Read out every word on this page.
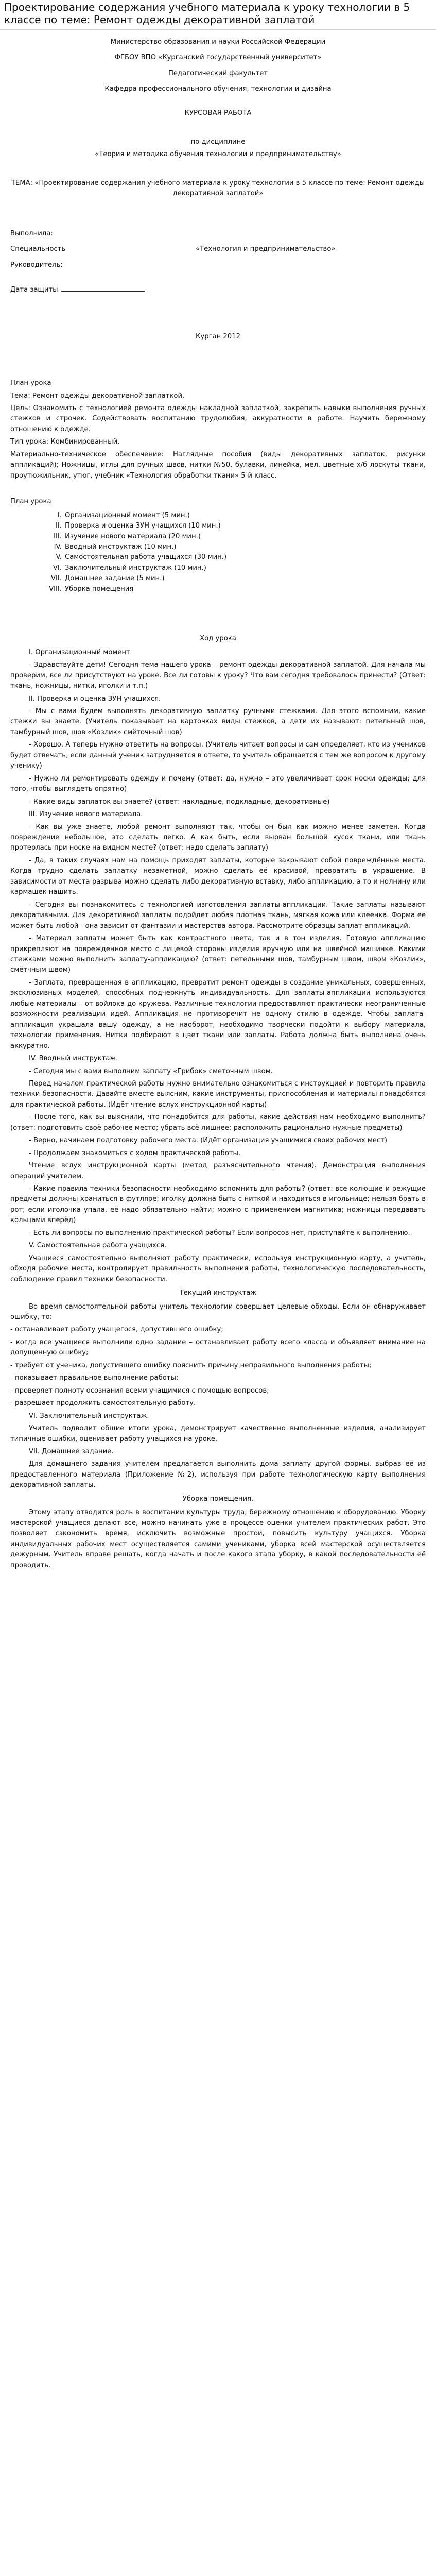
Проектирование содержания учебного материала к уроку технологии в 5 классе по теме: Ремонт одежды декоративной заплатой

Министерство образования и науки Российской Федерации

ФГБОУ ВПО «Курганский государственный университет»

Педагогический факультет

Кафедра профессионального обучения, технологии и дизайна

КУРСОВАЯ РАБОТА

по дисциплине

«Теория и методика обучения технологии и предпринимательству»

ТЕМА: «Проектирование содержания учебного материала к уроку технологии в 5 классе по теме: Ремонт одежды декоративной заплатой»

Выполнила:

Специальность	«Технология и предпринимательство»

Руководитель:

Дата защиты

Курган 2012

План урока

Тема: Ремонт одежды декоративной заплаткой.

Цель: Ознакомить с технологией ремонта одежды накладной заплаткой, закрепить навыки выполнения ручных стежков и строчек. Содействовать воспитанию трудолюбия, аккуратности в работе. Научить бережному отношению к одежде.

Тип урока: Комбинированный.

Материально-техническое обеспечение: Наглядные пособия (виды декоративных заплаток, рисунки аппликаций); Ножницы, иглы для ручных швов, нитки №50, булавки, линейка, мел, цветные х/б лоскуты ткани, проутюжильник, утюг, учебник «Технология обработки ткани» 5-й класс.

План урока

I. Организационный момент (5 мин.)
II. Проверка и оценка ЗУН учащихся (10 мин.)
III. Изучение нового материала (20 мин.)
IV. Вводный инструктаж (10 мин.)
V. Самостоятельная работа учащихся (30 мин.)
VI. Заключительный инструктаж (10 мин.)
VII. Домашнее задание (5 мин.)
VIII. Уборка помещения

Ход урока

I. Организационный момент

- Здравствуйте дети! Сегодня тема нашего урока – ремонт одежды декоративной заплатой. Для начала мы проверим, все ли присутствуют на уроке. Все ли готовы к уроку? Что вам сегодня требовалось принести? (Ответ: ткань, ножницы, нитки, иголки и т.п.)

II. Проверка и оценка ЗУН учащихся.

- Мы с вами будем выполнять декоративную заплатку ручными стежками. Для этого вспомним, какие стежки вы знаете. (Учитель показывает на карточках виды стежков, а дети их называют: петельный шов, тамбурный шов, шов «Козлик» смёточный шов)

- Хорошо. А теперь нужно ответить на вопросы. (Учитель читает вопросы и сам определяет, кто из учеников будет отвечать, если данный ученик затрудняется в ответе, то учитель обращается с тем же вопросом к другому ученику)

- Нужно ли ремонтировать одежду и почему (ответ: да, нужно – это увеличивает срок носки одежды; для того, чтобы выглядеть опрятно)

- Какие виды заплаток вы знаете? (ответ: накладные, подкладные, декоративные)

III. Изучение нового материала.

- Как вы уже знаете, любой ремонт выполняют так, чтобы он был как можно менее заметен. Когда повреждение небольшое, это сделать легко. А как быть, если вырван большой кусок ткани, или ткань протерлась при носке на видном месте? (ответ: надо сделать заплату)

- Да, в таких случаях нам на помощь приходят заплаты, которые закрывают собой повреждённые места. Когда трудно сделать заплатку незаметной, можно сделать её красивой, превратить в украшение. В зависимости от места разрыва можно сделать либо декоративную вставку, либо аппликацию, а то и нолнину или кармашек нашить.

- Сегодня вы познакомитесь с технологией изготовления заплаты-аппликации. Такие заплаты называют декоративными. Для декоративной заплаты подойдет любая плотная ткань, мягкая кожа или клеенка. Форма ее может быть любой - она зависит от фантазии и мастерства автора. Рассмотрите образцы заплат-аппликаций.

- Материал заплаты может быть как контрастного цвета, так и в тон изделия. Готовую аппликацию прикрепляют на поврежденное место с лицевой стороны изделия вручную или на швейной машинке. Какими стежками можно выполнить заплату-аппликацию? (ответ: петельными шов, тамбурным швом, швом «Козлик», смётчным швом)

- Заплата, превращенная в аппликацию, превратит ремонт одежды в создание уникальных, совершенных, эксклюзивных моделей, способных подчеркнуть индивидуальность. Для заплаты-аппликации используются любые материалы – от войлока до кружева. Различные технологии предоставляют практически неограниченные возможности реализации идей. Аппликация не противоречит не одному стилю в одежде. Чтобы заплата-аппликация украшала вашу одежду, а не наоборот, необходимо творчески подойти к выбору материала, технологии применения. Нитки подбирают в цвет ткани или заплаты. Работа должна быть выполнена очень аккуратно.

IV. Вводный инструктаж.

- Сегодня мы с вами выполним заплату «Грибок» сметочным швом.

Перед началом практической работы нужно внимательно ознакомиться с инструкцией и повторить правила техники безопасности. Давайте вместе выясним, какие инструменты, приспособления и материалы понадобятся для практической работы. (Идёт чтение вслух инструкционной карты)

- После того, как вы выяснили, что понадобится для работы, какие действия нам необходимо выполнить? (ответ: подготовить своё рабочее место; убрать всё лишнее; расположить рационально нужные предметы)

- Верно, начинаем подготовку рабочего места. (Идёт организация учащимися своих рабочих мест)

- Продолжаем знакомиться с ходом практической работы.

Чтение вслух инструкционной карты (метод разъяснительного чтения). Демонстрация выполнения операций учителем.

- Какие правила техники безопасности необходимо вспомнить для работы? (ответ: все колющие и режущие предметы должны храниться в футляре; иголку должна быть с ниткой и находиться в игольнице; нельзя брать в рот; если иголочка упала, её надо обязательно найти; можно с применением магнитика; ножницы передавать кольцами вперёд)

- Есть ли вопросы по выполнению практической работы? Если вопросов нет, приступайте к выполнению.

V. Самостоятельная работа учащихся.

Учащиеся самостоятельно выполняют работу практически, используя инструкционную карту, а учитель, обходя рабочие места, контролирует правильность выполнения работы, технологическую последовательность, соблюдение правил техники безопасности.

Текущий инструктаж

Во время самостоятельной работы учитель технологии совершает целевые обходы. Если он обнаруживает ошибку, то:

- останавливает работу учащегося, допустившего ошибку;

- когда все учащиеся выполнили одно задание – останавливает работу всего класса и объявляет внимание на допущенную ошибку;

- требует от ученика, допустившего ошибку пояснить причину неправильного выполнения работы;

- показывает правильное выполнение работы;

- проверяет полноту осознания всеми учащимися с помощью вопросов;

- разрешает продолжить самостоятельную работу.

VI. Заключительный инструктаж.

Учитель подводит общие итоги урока, демонстрирует качественно выполненные изделия, анализирует типичные ошибки, оценивает работу учащихся на уроке.

VII. Домашнее задание.

Для домашнего задания учителем предлагается выполнить дома заплату другой формы, выбрав её из предоставленного материала (Приложение №2), используя при работе технологическую карту выполнения декоративной заплаты.

Уборка помещения.

Этому этапу отводится роль в воспитании культуры труда, бережному отношению к оборудованию. Уборку мастерской учащиеся делают все, можно начинать уже в процессе оценки учителем практических работ. Это позволяет сэкономить время, исключить возможные простои, повысить культуру учащихся. Уборка индивидуальных рабочих мест осуществляется самими учениками, уборка всей мастерской осуществляется дежурным. Учитель вправе решать, когда начать и после какого этапа уборку, в какой последовательности её проводить.
